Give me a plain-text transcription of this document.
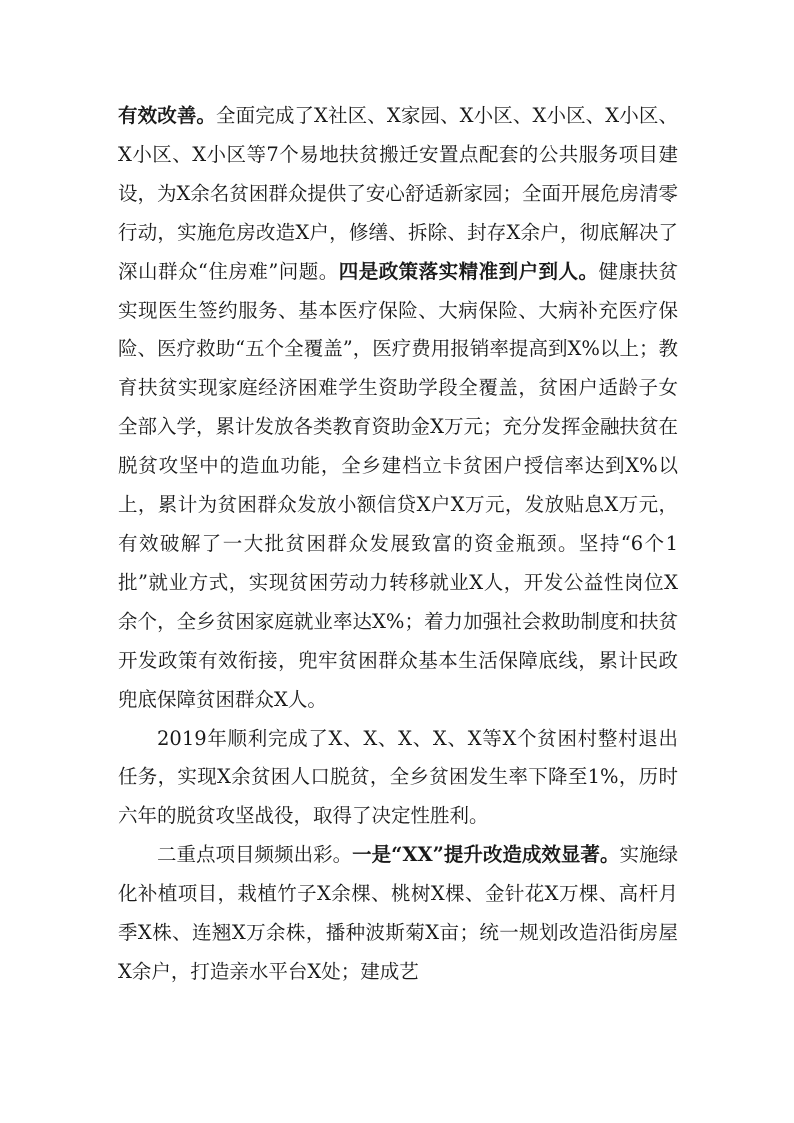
有效改善。全面完成了X社区、X家园、X小区、X小区、X小区、X小区、X小区等7个易地扶贫搬迁安置点配套的公共服务项目建设，为X余名贫困群众提供了安心舒适新家园；全面开展危房清零行动，实施危房改造X户，修缮、拆除、封存X余户，彻底解决了深山群众“住房难”问题。四是政策落实精准到户到人。健康扶贫实现医生签约服务、基本医疗保险、大病保险、大病补充医疗保险、医疗救助“五个全覆盖”，医疗费用报销率提高到X%以上；教育扶贫实现家庭经济困难学生资助学段全覆盖，贫困户适龄子女全部入学，累计发放各类教育资助金X万元；充分发挥金融扶贫在脱贫攻坚中的造血功能，全乡建档立卡贫困户授信率达到X%以上，累计为贫困群众发放小额信贷X户X万元，发放贴息X万元，有效破解了一大批贫困群众发展致富的资金瓶颈。坚持“6个1批”就业方式，实现贫困劳动力转移就业X人，开发公益性岗位X余个，全乡贫困家庭就业率达X%；着力加强社会救助制度和扶贫开发政策有效衔接，兜牢贫困群众基本生活保障底线，累计民政兜底保障贫困群众X人。

2019年顺利完成了X、X、X、X、X等X个贫困村整村退出任务，实现X余贫困人口脱贫，全乡贫困发生率下降至1%，历时六年的脱贫攻坚战役，取得了决定性胜利。

二重点项目频频出彩。一是“XX”提升改造成效显著。实施绿化补植项目，栽植竹子X余棵、桃树X棵、金针花X万棵、高杆月季X株、连翘X万余株，播种波斯菊X亩；统一规划改造沿街房屋X余户，打造亲水平台X处；建成艺
